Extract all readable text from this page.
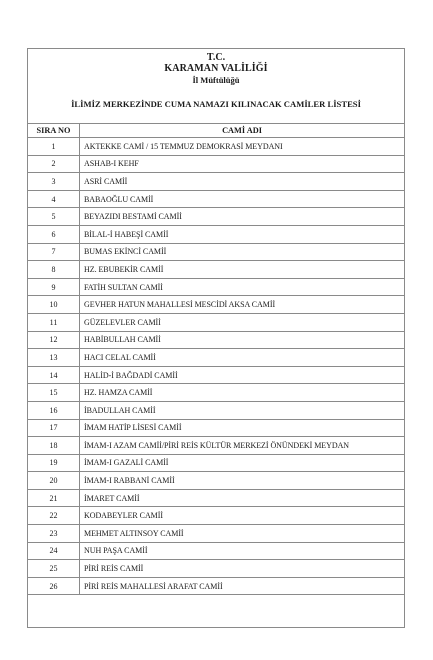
T.C.
KARAMAN VALİLİĞİ
İl Müftülüğü
İLİMİZ MERKEZİNDE CUMA NAMAZI KILINACAK CAMİLER LİSTESİ
SIRA NO	CAMİ ADI
1	AKTEKKE CAMİ / 15 TEMMUZ DEMOKRASİ MEYDANI
2	ASHAB-I KEHF
3	ASRİ CAMİİ
4	BABAOĞLU CAMİİ
5	BEYAZIDI BESTAMİ CAMİİ
6	BİLAL-İ HABEŞİ CAMİİ
7	BUMAS EKİNCİ CAMİİ
8	HZ. EBUBEKİR CAMİİ
9	FATİH SULTAN CAMİİ
10	GEVHER HATUN MAHALLESİ MESCİDİ AKSA CAMİİ
11	GÜZELEVLER CAMİİ
12	HABİBULLAH CAMİİ
13	HACI CELAL CAMİİ
14	HALİD-İ BAĞDADİ CAMİİ
15	HZ. HAMZA CAMİİ
16	İBADULLAH CAMİİ
17	İMAM HATİP LİSESİ CAMİİ
18	İMAM-I AZAM CAMİİ/PİRİ REİS KÜLTÜR MERKEZİ ÖNÜNDEKİ MEYDAN
19	İMAM-I GAZALİ CAMİİ
20	İMAM-I RABBANİ CAMİİ
21	İMARET CAMİİ
22	KODABEYLER CAMİİ
23	MEHMET ALTINSOY CAMİİ
24	NUH PAŞA CAMİİ
25	PİRİ REİS CAMİİ
26	PİRİ REİS MAHALLESİ ARAFAT CAMİİ
